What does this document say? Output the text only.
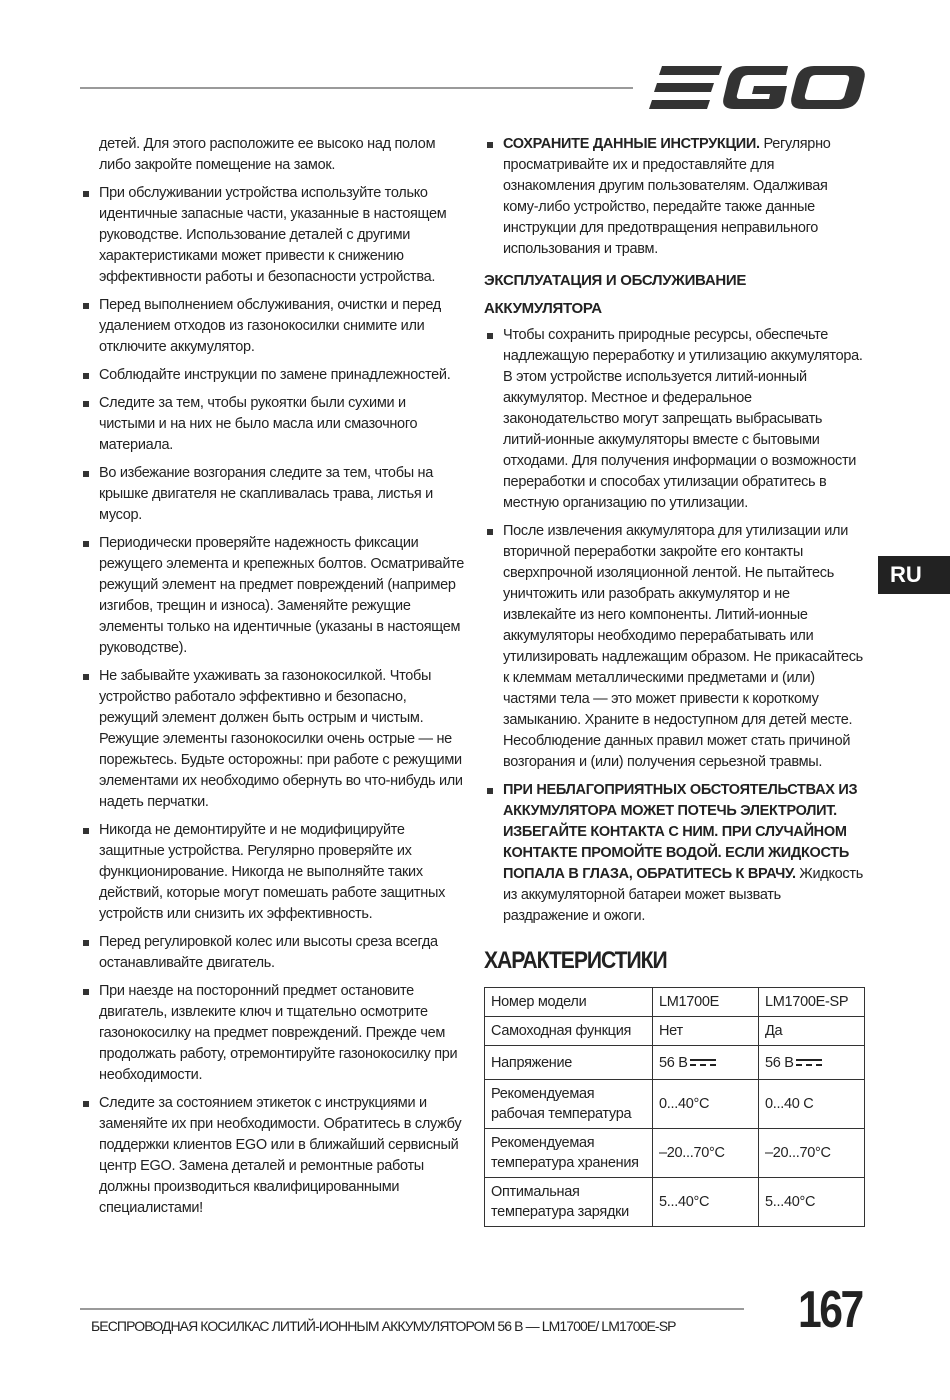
детей. Для этого расположите ее высоко над полом либо закройте помещение на замок.
При обслуживании устройства используйте только идентичные запасные части, указанные в настоящем руководстве. Использование деталей с другими характеристиками может привести к снижению эффективности работы и безопасности устройства.
Перед выполнением обслуживания, очистки и перед удалением отходов из газонокосилки снимите или отключите аккумулятор.
Соблюдайте инструкции по замене принадлежностей.
Следите за тем, чтобы рукоятки были сухими и чистыми и на них не было масла или смазочного материала.
Во избежание возгорания следите за тем, чтобы на крышке двигателя не скапливалась трава, листья и мусор.
Периодически проверяйте надежность фиксации режущего элемента и крепежных болтов. Осматривайте режущий элемент на предмет повреждений (например изгибов, трещин и износа). Заменяйте режущие элементы только на идентичные (указаны в настоящем руководстве).
Не забывайте ухаживать за газонокосилкой. Чтобы устройство работало эффективно и безопасно, режущий элемент должен быть острым и чистым. Режущие элементы газонокосилки очень острые — не порежьтесь. Будьте осторожны: при работе с режущими элементами их необходимо обернуть во что-нибудь или надеть перчатки.
Никогда не демонтируйте и не модифицируйте защитные устройства. Регулярно проверяйте их функционирование. Никогда не выполняйте таких действий, которые могут помешать работе защитных устройств или снизить их эффективность.
Перед регулировкой колес или высоты среза всегда останавливайте двигатель.
При наезде на посторонний предмет остановите двигатель, извлеките ключ и тщательно осмотрите газонокосилку на предмет повреждений. Прежде чем продолжать работу, отремонтируйте газонокосилку при необходимости.
Следите за состоянием этикеток с инструкциями и заменяйте их при необходимости. Обратитесь в службу поддержки клиентов EGO или в ближайший сервисный центр EGO. Замена деталей и ремонтные работы должны производиться квалифицированными специалистами!
СОХРАНИТЕ ДАННЫЕ ИНСТРУКЦИИ. Регулярно просматривайте их и предоставляйте для ознакомления другим пользователям. Одалживая кому-либо устройство, передайте также данные инструкции для предотвращения неправильного использования и травм.
ЭКСПЛУАТАЦИЯ И ОБСЛУЖИВАНИЕ
АККУМУЛЯТОРА
Чтобы сохранить природные ресурсы, обеспечьте надлежащую переработку и утилизацию аккумулятора. В этом устройстве используется литий-ионный аккумулятор. Местное и федеральное законодательство могут запрещать выбрасывать литий-ионные аккумуляторы вместе с бытовыми отходами. Для получения информации о возможности переработки и способах утилизации обратитесь в местную организацию по утилизации.
После извлечения аккумулятора для утилизации или вторичной переработки закройте его контакты сверхпрочной изоляционной лентой. Не пытайтесь уничтожить или разобрать аккумулятор и не извлекайте из него компоненты. Литий-ионные аккумуляторы необходимо перерабатывать или утилизировать надлежащим образом. Не прикасайтесь к клеммам металлическими предметами и (или) частями тела — это может привести к короткому замыканию. Храните в недоступном для детей месте. Несоблюдение данных правил может стать причиной возгорания и (или) получения серьезной травмы.
ПРИ НЕБЛАГОПРИЯТНЫХ ОБСТОЯТЕЛЬСТВАХ ИЗ АККУМУЛЯТОРА МОЖЕТ ПОТЕЧЬ ЭЛЕКТРОЛИТ. ИЗБЕГАЙТЕ КОНТАКТА С НИМ. ПРИ СЛУЧАЙНОМ КОНТАКТЕ ПРОМОЙТЕ ВОДОЙ. ЕСЛИ ЖИДКОСТЬ ПОПАЛА В ГЛАЗА, ОБРАТИТЕСЬ К ВРАЧУ. Жидкость из аккумуляторной батареи может вызвать раздражение и ожоги.
ХАРАКТЕРИСТИКИ
Номер модели	LM1700E	LM1700E-SP
Самоходная функция	Нет	Да
Напряжение	56 В	56 В
Рекомендуемая рабочая температура	0...40°C	0...40 C
Рекомендуемая температура хранения	–20...70°C	–20...70°C
Оптимальная температура зарядки	5...40°C	5...40°C
RU
БЕСПРОВОДНАЯ КОСИЛКАС ЛИТИЙ-ИОННЫМ АККУМУЛЯТОРОМ 56 В — LM1700E/ LM1700E-SP	167
